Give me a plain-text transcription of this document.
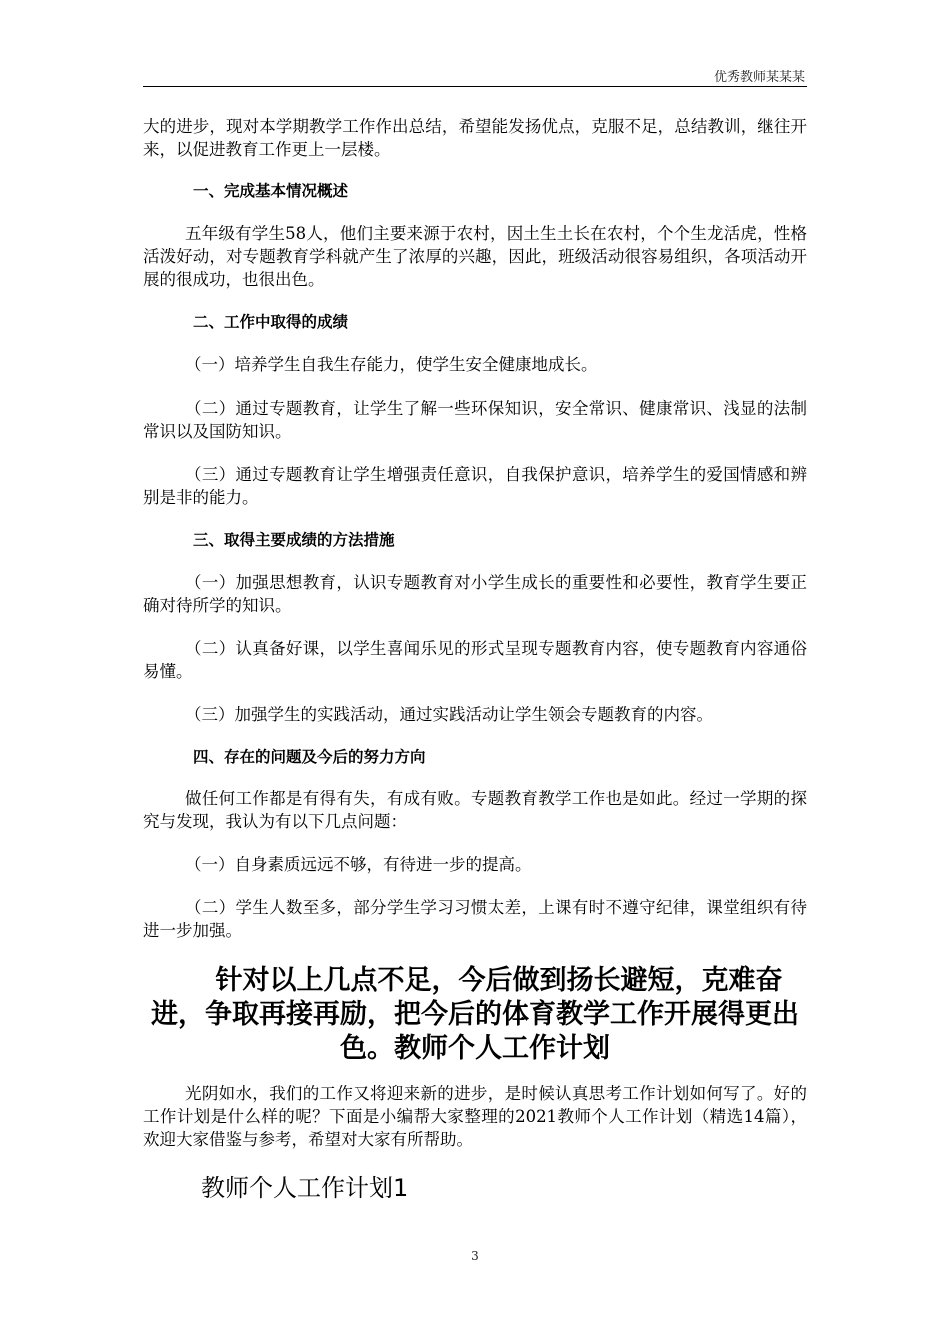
优秀教师某某某

大的进步，现对本学期教学工作作出总结，希望能发扬优点，克服不足，总结教训，继往开来，以促进教育工作更上一层楼。

一、完成基本情况概述

五年级有学生58人，他们主要来源于农村，因土生土长在农村，个个生龙活虎，性格活泼好动，对专题教育学科就产生了浓厚的兴趣，因此，班级活动很容易组织，各项活动开展的很成功，也很出色。

二、工作中取得的成绩

（一）培养学生自我生存能力，使学生安全健康地成长。

（二）通过专题教育，让学生了解一些环保知识，安全常识、健康常识、浅显的法制常识以及国防知识。

（三）通过专题教育让学生增强责任意识，自我保护意识，培养学生的爱国情感和辨别是非的能力。

三、取得主要成绩的方法措施

（一）加强思想教育，认识专题教育对小学生成长的重要性和必要性，教育学生要正确对待所学的知识。

（二）认真备好课，以学生喜闻乐见的形式呈现专题教育内容，使专题教育内容通俗易懂。

（三）加强学生的实践活动，通过实践活动让学生领会专题教育的内容。

四、存在的问题及今后的努力方向

做任何工作都是有得有失，有成有败。专题教育教学工作也是如此。经过一学期的探究与发现，我认为有以下几点问题：

（一）自身素质远远不够，有待进一步的提高。

（二）学生人数至多，部分学生学习习惯太差，上课有时不遵守纪律，课堂组织有待进一步加强。

针对以上几点不足，今后做到扬长避短，克难奋进，争取再接再励，把今后的体育教学工作开展得更出色。教师个人工作计划

光阴如水，我们的工作又将迎来新的进步，是时候认真思考工作计划如何写了。好的工作计划是什么样的呢？下面是小编帮大家整理的2021教师个人工作计划（精选14篇），欢迎大家借鉴与参考，希望对大家有所帮助。

教师个人工作计划1

3
